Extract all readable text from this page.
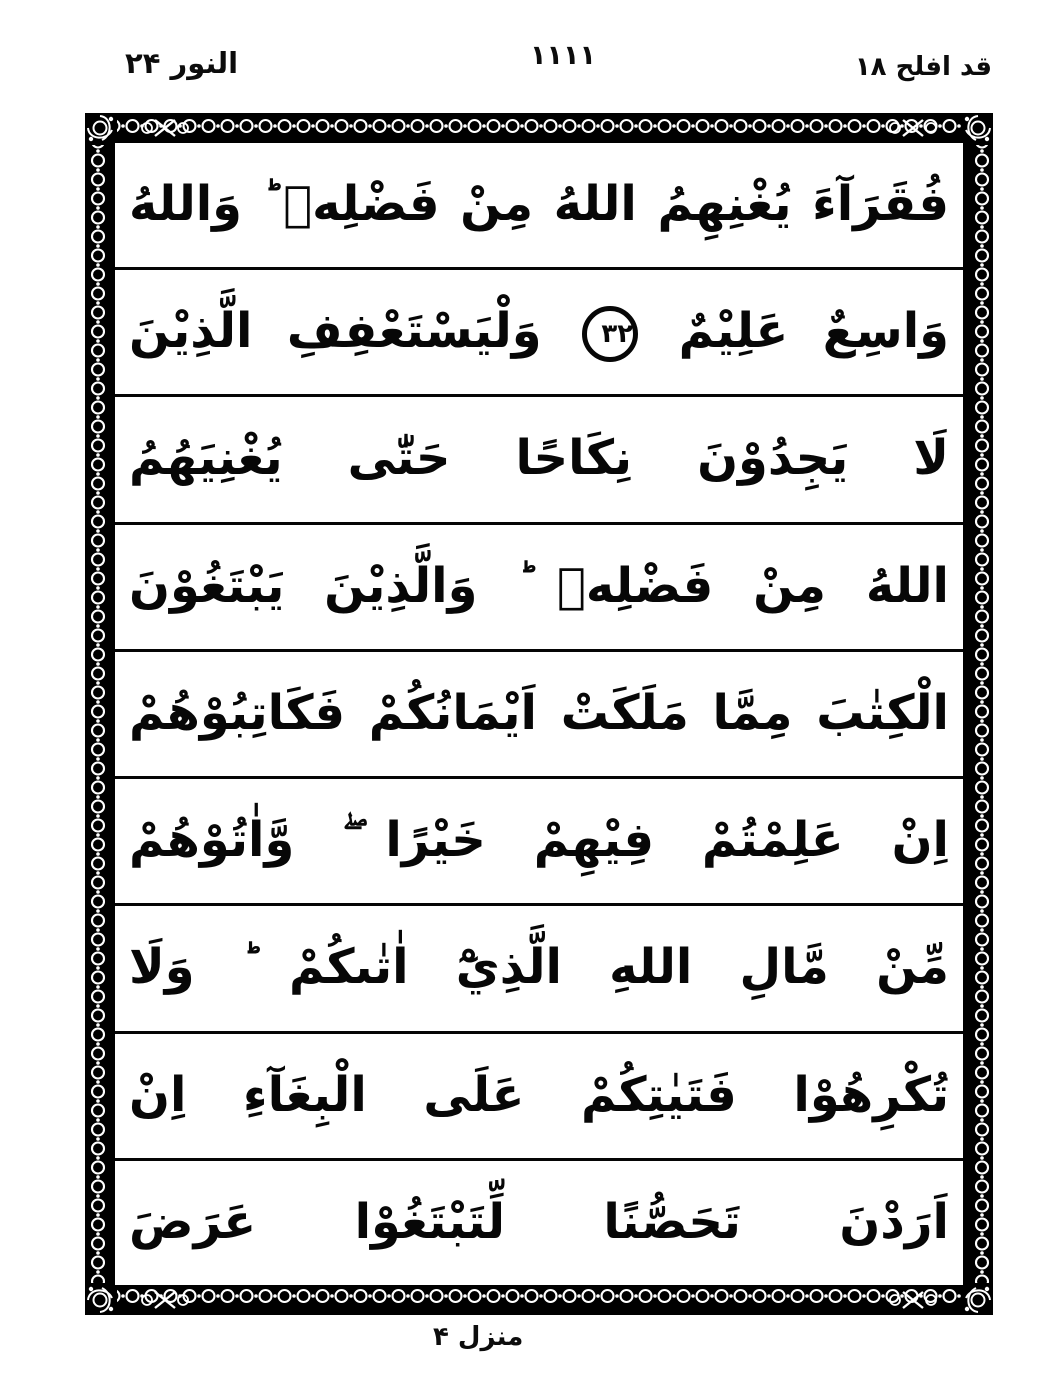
النور ٢۴	١١١١	قد افلح ١٨
فُقَرَآءَ يُغْنِهِمُ اللهُ مِنْ فَضْلِهٖ ؕ وَاللهُ
وَاسِعٌ عَلِيْمٌ ٣٢ وَلْيَسْتَعْفِفِ الَّذِيْنَ
لَا يَجِدُوْنَ نِكَاحًا حَتّٰى يُغْنِيَهُمُ
اللهُ مِنْ فَضْلِهٖ ؕ وَالَّذِيْنَ يَبْتَغُوْنَ
الْكِتٰبَ مِمَّا مَلَكَتْ اَيْمَانُكُمْ فَكَاتِبُوْهُمْ
اِنْ عَلِمْتُمْ فِيْهِمْ خَيْرًا ۖ وَّاٰتُوْهُمْ
مِّنْ مَّالِ اللهِ الَّذِيْٓ اٰتٰىكُمْ ؕ وَلَا
تُكْرِهُوْا فَتَيٰتِكُمْ عَلَى الْبِغَآءِ اِنْ
اَرَدْنَ تَحَصُّنًا لِّتَبْتَغُوْا عَرَضَ
منزل ۴
